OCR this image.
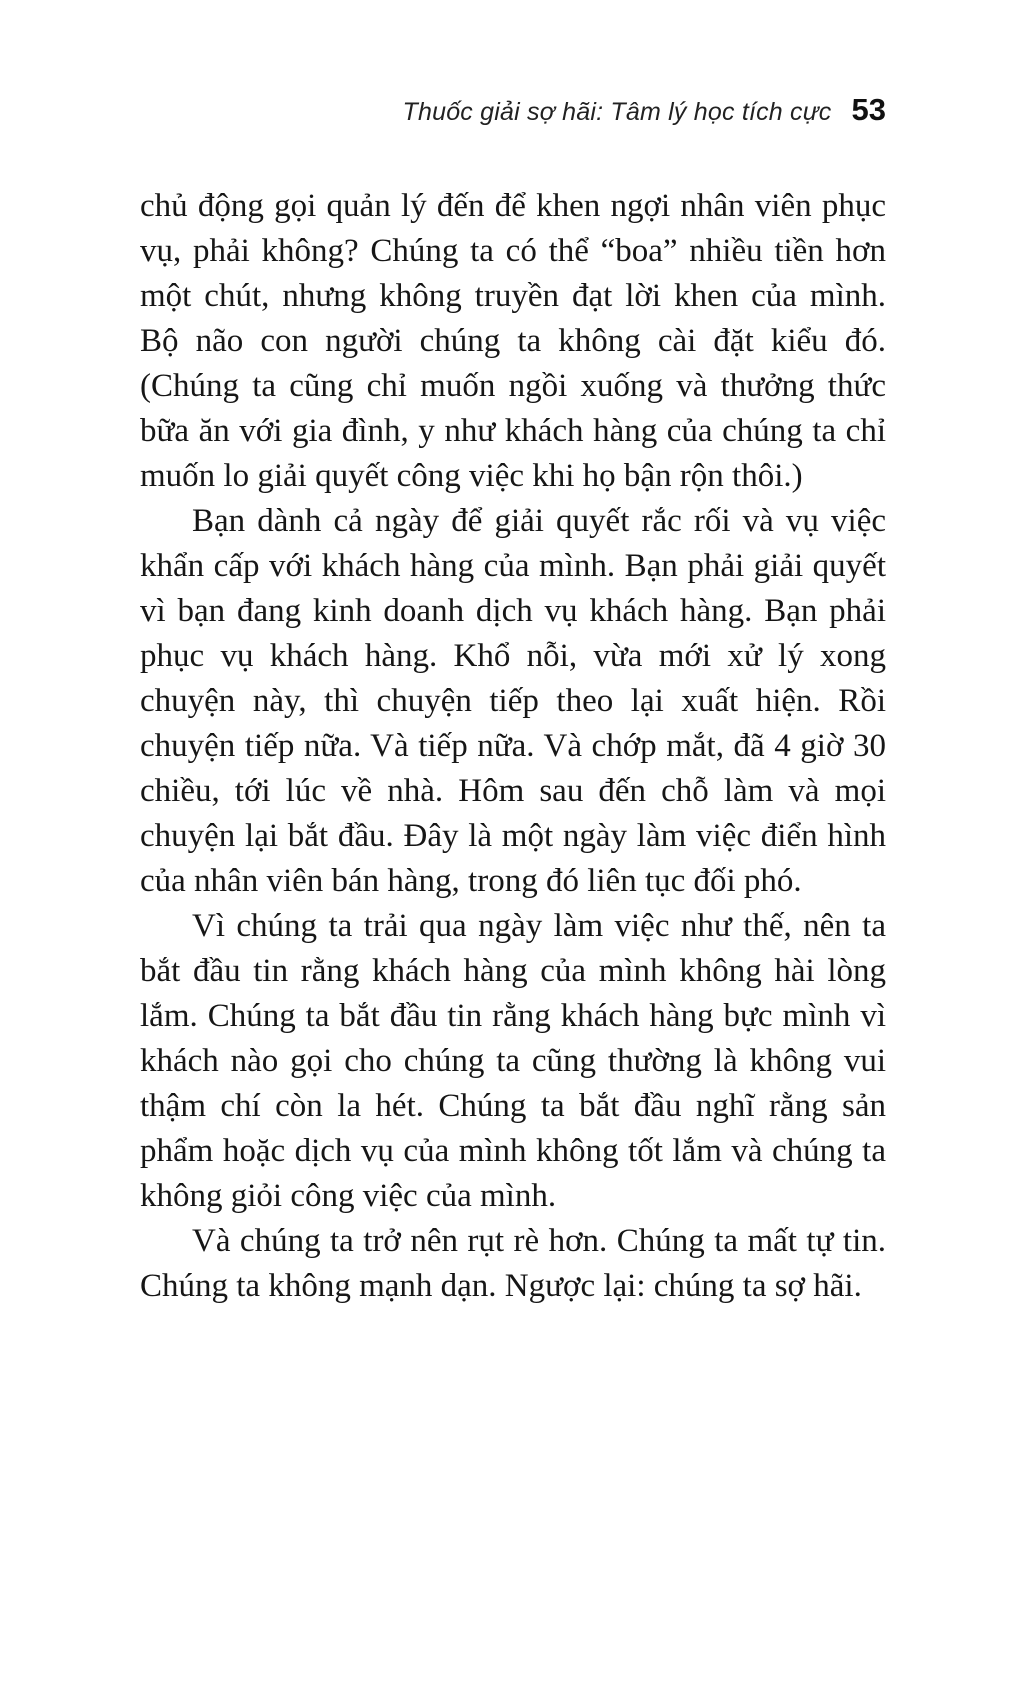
Thuốc giải sợ hãi: Tâm lý học tích cực 53

chủ động gọi quản lý đến để khen ngợi nhân viên phục vụ, phải không? Chúng ta có thể “boa” nhiều tiền hơn một chút, nhưng không truyền đạt lời khen của mình. Bộ não con người chúng ta không cài đặt kiểu đó. (Chúng ta cũng chỉ muốn ngồi xuống và thưởng thức bữa ăn với gia đình, y như khách hàng của chúng ta chỉ muốn lo giải quyết công việc khi họ bận rộn thôi.)

Bạn dành cả ngày để giải quyết rắc rối và vụ việc khẩn cấp với khách hàng của mình. Bạn phải giải quyết vì bạn đang kinh doanh dịch vụ khách hàng. Bạn phải phục vụ khách hàng. Khổ nỗi, vừa mới xử lý xong chuyện này, thì chuyện tiếp theo lại xuất hiện. Rồi chuyện tiếp nữa. Và tiếp nữa. Và chớp mắt, đã 4 giờ 30 chiều, tới lúc về nhà. Hôm sau đến chỗ làm và mọi chuyện lại bắt đầu. Đây là một ngày làm việc điển hình của nhân viên bán hàng, trong đó liên tục đối phó.

Vì chúng ta trải qua ngày làm việc như thế, nên ta bắt đầu tin rằng khách hàng của mình không hài lòng lắm. Chúng ta bắt đầu tin rằng khách hàng bực mình vì khách nào gọi cho chúng ta cũng thường là không vui thậm chí còn la hét. Chúng ta bắt đầu nghĩ rằng sản phẩm hoặc dịch vụ của mình không tốt lắm và chúng ta không giỏi công việc của mình.

Và chúng ta trở nên rụt rè hơn. Chúng ta mất tự tin. Chúng ta không mạnh dạn. Ngược lại: chúng ta sợ hãi.
